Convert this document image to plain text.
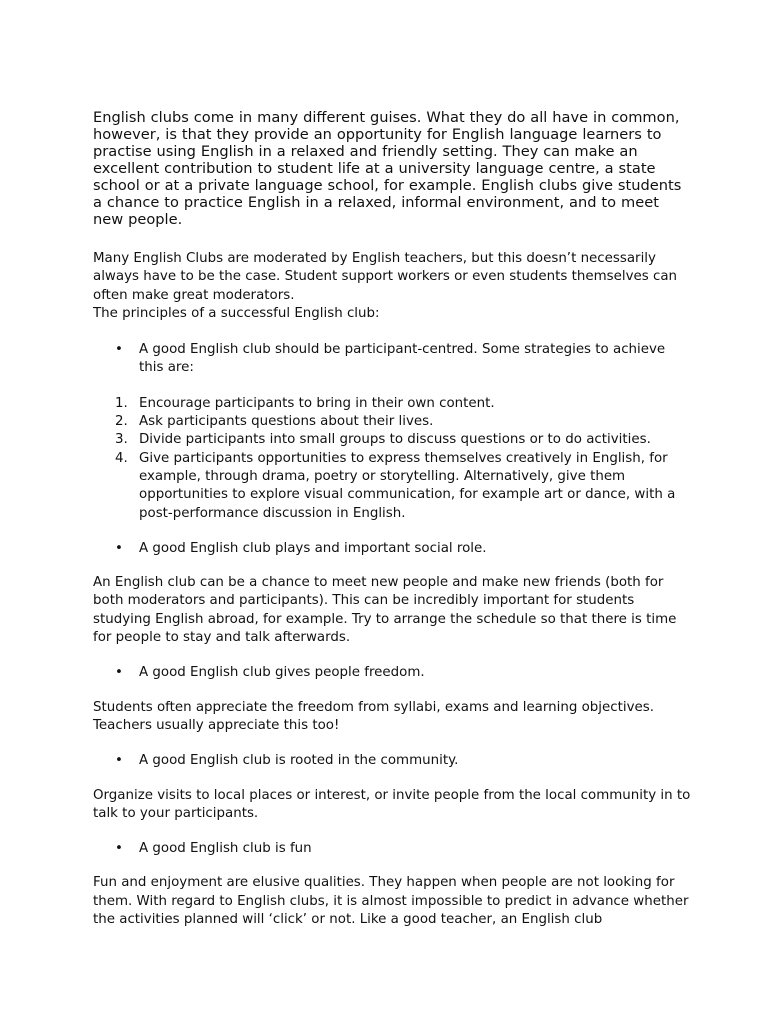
English clubs come in many different guises. What they do all have in common, however, is that they provide an opportunity for English language learners to practise using English in a relaxed and friendly setting. They can make an excellent contribution to student life at a university language centre, a state school or at a private language school, for example. English clubs give students a chance to practice English in a relaxed, informal environment, and to meet new people.

Many English Clubs are moderated by English teachers, but this doesn’t necessarily always have to be the case. Student support workers or even students themselves can often make great moderators.

The principles of a successful English club:

• A good English club should be participant-centred. Some strategies to achieve this are:
1. Encourage participants to bring in their own content.
2. Ask participants questions about their lives.
3. Divide participants into small groups to discuss questions or to do activities.
4. Give participants opportunities to express themselves creatively in English, for example, through drama, poetry or storytelling. Alternatively, give them opportunities to explore visual communication, for example art or dance, with a post-performance discussion in English.
• A good English club plays and important social role.

An English club can be a chance to meet new people and make new friends (both for both moderators and participants). This can be incredibly important for students studying English abroad, for example. Try to arrange the schedule so that there is time for people to stay and talk afterwards.

• A good English club gives people freedom.

Students often appreciate the freedom from syllabi, exams and learning objectives. Teachers usually appreciate this too!

• A good English club is rooted in the community.

Organize visits to local places or interest, or invite people from the local community in to talk to your participants.

• A good English club is fun

Fun and enjoyment are elusive qualities. They happen when people are not looking for them. With regard to English clubs, it is almost impossible to predict in advance whether the activities planned will ‘click’ or not. Like a good teacher, an English club
